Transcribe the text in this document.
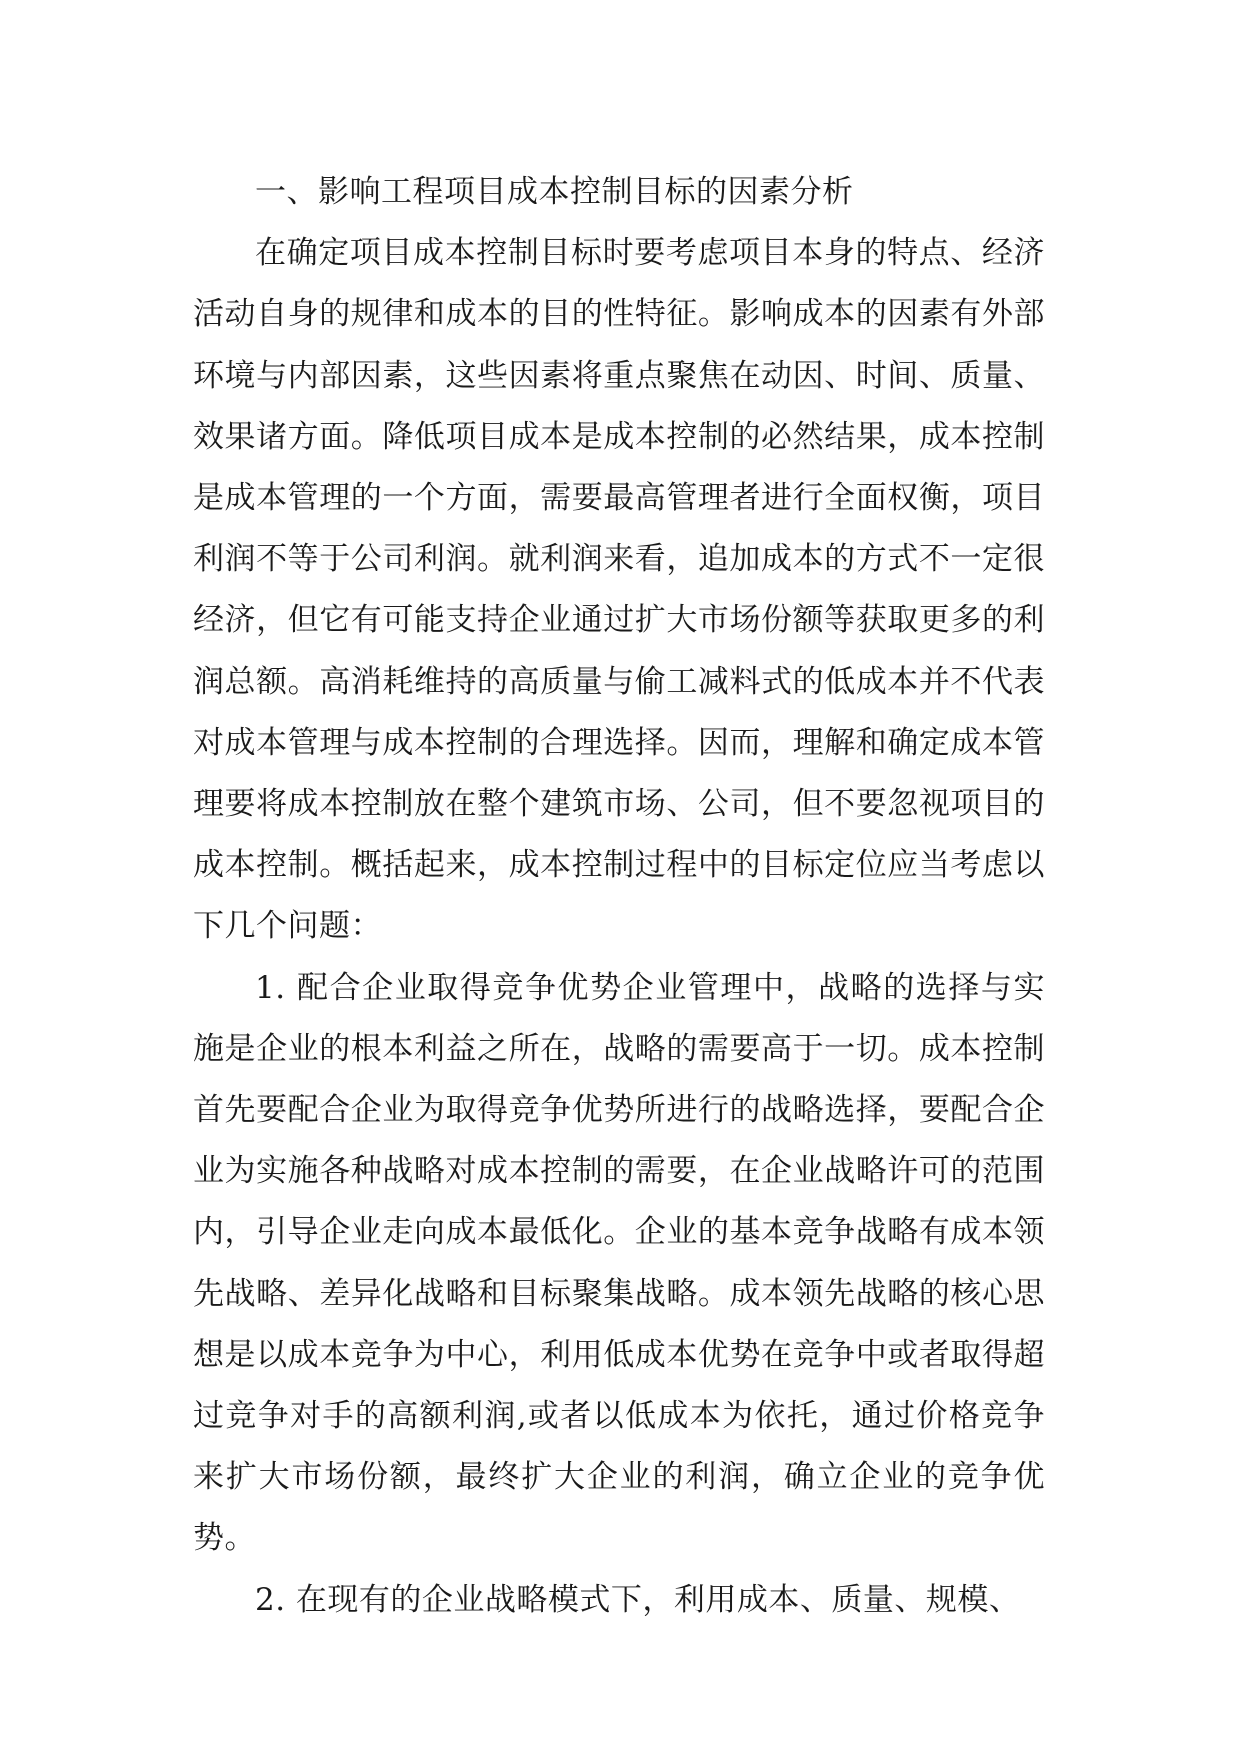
一、影响工程项目成本控制目标的因素分析

在确定项目成本控制目标时要考虑项目本身的特点、经济活动自身的规律和成本的目的性特征。影响成本的因素有外部环境与内部因素，这些因素将重点聚焦在动因、时间、质量、效果诸方面。降低项目成本是成本控制的必然结果，成本控制是成本管理的一个方面，需要最高管理者进行全面权衡，项目利润不等于公司利润。就利润来看，追加成本的方式不一定很经济，但它有可能支持企业通过扩大市场份额等获取更多的利润总额。高消耗维持的高质量与偷工减料式的低成本并不代表对成本管理与成本控制的合理选择。因而，理解和确定成本管理要将成本控制放在整个建筑市场、公司，但不要忽视项目的成本控制。概括起来，成本控制过程中的目标定位应当考虑以下几个问题：

1. 配合企业取得竞争优势企业管理中，战略的选择与实施是企业的根本利益之所在，战略的需要高于一切。成本控制首先要配合企业为取得竞争优势所进行的战略选择，要配合企业为实施各种战略对成本控制的需要，在企业战略许可的范围内，引导企业走向成本最低化。企业的基本竞争战略有成本领先战略、差异化战略和目标聚集战略。成本领先战略的核心思想是以成本竞争为中心，利用低成本优势在竞争中或者取得超过竞争对手的高额利润,或者以低成本为依托，通过价格竞争来扩大市场份额，最终扩大企业的利润，确立企业的竞争优势。

2. 在现有的企业战略模式下，利用成本、质量、规模、
